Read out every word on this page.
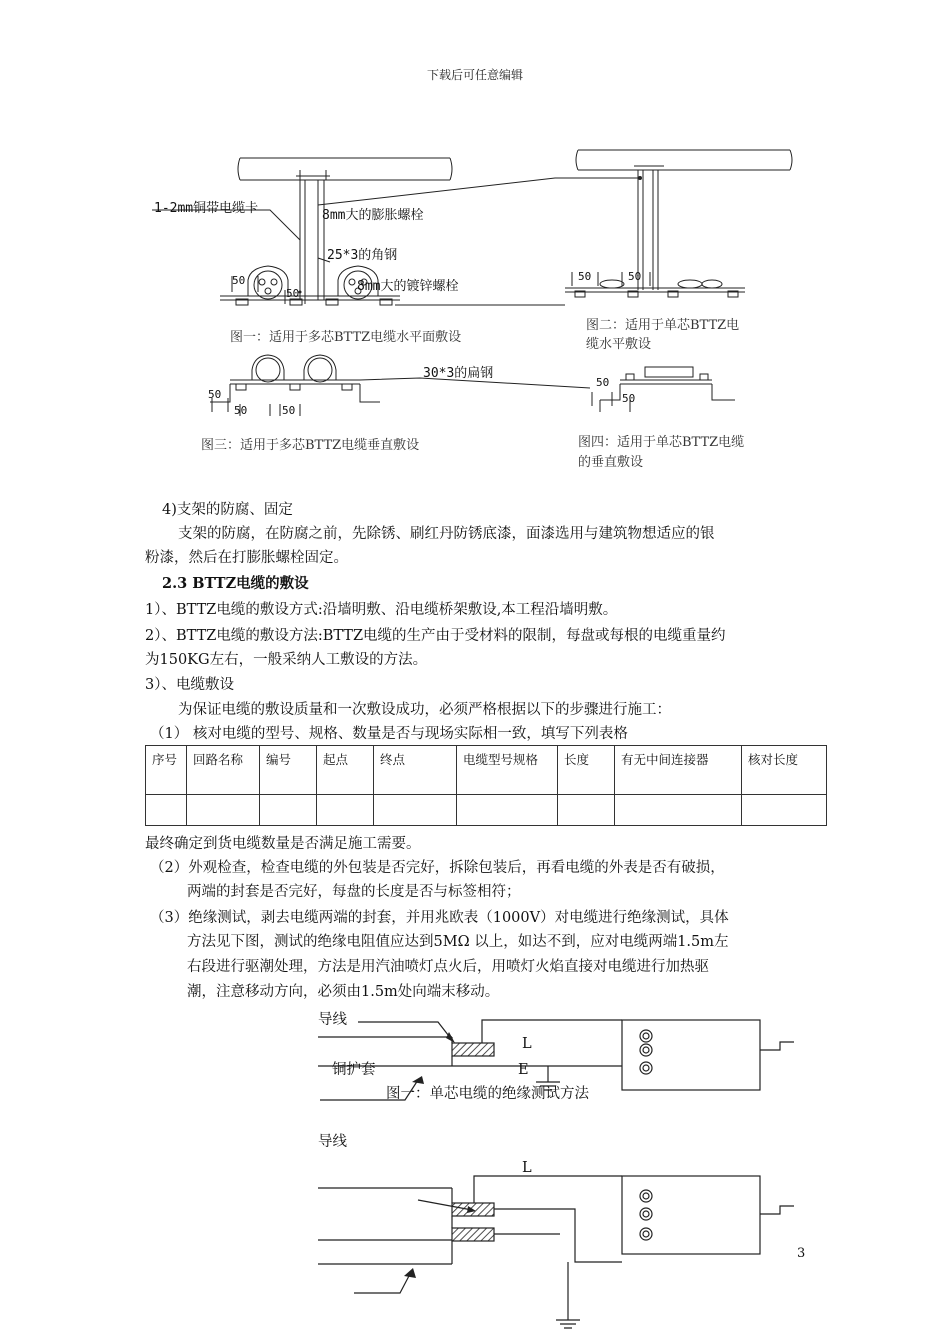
下载后可任意编辑
1-2mm铜带电缆卡	8mm大的膨胀螺栓
25*3的角钢
8mm大的镀锌螺栓
30*3的扁钢
50
50
50	50
50
50	50
50
50
图一：适用于多芯BTTZ电缆水平面敷设
图二：适用于单芯BTTZ电
缆水平敷设
图三：适用于多芯BTTZ电缆垂直敷设	图四：适用于单芯BTTZ电缆
的垂直敷设
4)支架的防腐、固定
支架的防腐，在防腐之前，先除锈、刷红丹防锈底漆，面漆选用与建筑物想适应的银
粉漆，然后在打膨胀螺栓固定。
2.3 BTTZ电缆的敷设
1）、BTTZ电缆的敷设方式:沿墙明敷、沿电缆桥架敷设,本工程沿墙明敷。
2）、BTTZ电缆的敷设方法:BTTZ电缆的生产由于受材料的限制，每盘或每根的电缆重量约
为150KG左右，一般采纳人工敷设的方法。
3）、电缆敷设
为保证电缆的敷设质量和一次敷设成功，必须严格根据以下的步骤进行施工：
（1） 核对电缆的型号、规格、数量是否与现场实际相一致，填写下列表格
序号	回路名称	编号	起点	终点	电缆型号规格	长度	有无中间连接器	核对长度

最终确定到货电缆数量是否满足施工需要。
（2）外观检查，检查电缆的外包装是否完好，拆除包装后，再看电缆的外表是否有破损，
两端的封套是否完好，每盘的长度是否与标签相符；
（3）绝缘测试，剥去电缆两端的封套，并用兆欧表（1000V）对电缆进行绝缘测试，具体
方法见下图，测试的绝缘电阻值应达到5MΩ 以上，如达不到，应对电缆两端1.5m左
右段进行驱潮处理，方法是用汽油喷灯点火后，用喷灯火焰直接对电缆进行加热驱
潮，注意移动方向，必须由1.5m处向端末移动。
导线
L
E
铜护套
图一：单芯电缆的绝缘测试方法
导线
L
3
